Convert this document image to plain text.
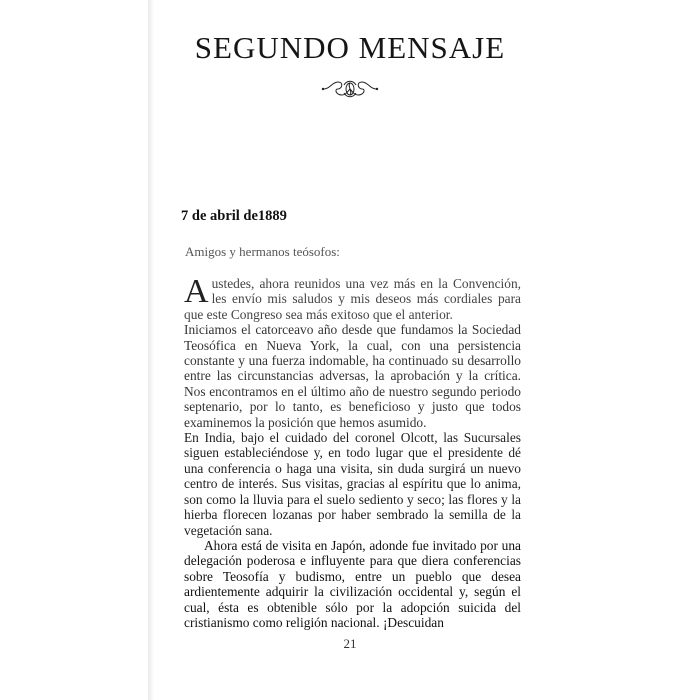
SEGUNDO MENSAJE
7 de abril de1889
Amigos y hermanos teósofos:

Austedes, ahora reunidos una vez más en la Convención, les envío mis saludos y mis deseos más cordiales para que este Congreso sea más exitoso que el anterior.

Iniciamos el catorceavo año desde que fundamos la Sociedad Teosófica en Nueva York, la cual, con una persistencia constante y una fuerza indomable, ha continuado su desarrollo entre las circunstancias adversas, la aprobación y la crítica. Nos encontramos en el último año de nuestro segundo periodo septenario, por lo tanto, es beneficioso y justo que todos examinemos la posición que hemos asumido.

En India, bajo el cuidado del coronel Olcott, las Sucursales siguen estableciéndose y, en todo lugar que el presidente dé una conferencia o haga una visita, sin duda surgirá un nuevo centro de interés. Sus visitas, gracias al espíritu que lo anima, son como la lluvia para el suelo sediento y seco; las flores y la hierba florecen lozanas por haber sembrado la semilla de la vegetación sana.

Ahora está de visita en Japón, adonde fue invitado por una delegación poderosa e influyente para que diera conferencias sobre Teosofía y budismo, entre un pueblo que desea ardientemente adquirir la civilización occidental y, según el cual, ésta es obtenible sólo por la adopción suicida del cristianismo como religión nacional. ¡Descuidan

21
